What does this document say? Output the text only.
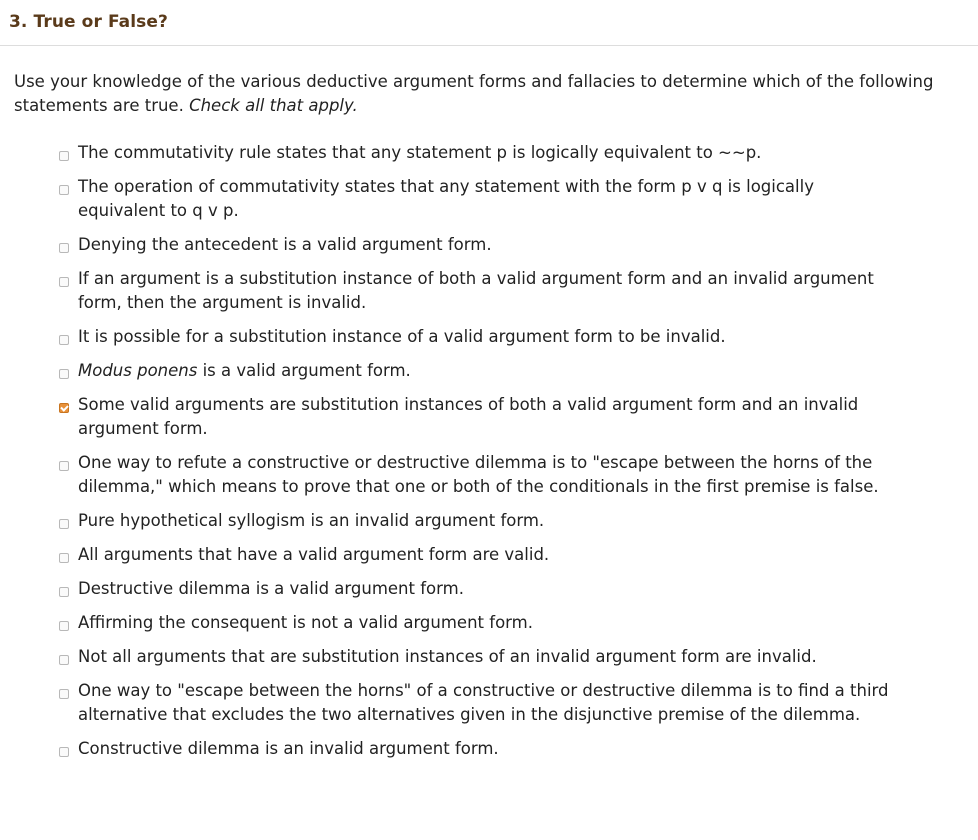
3. True or False?
Use your knowledge of the various deductive argument forms and fallacies to determine which of the following statements are true. Check all that apply.
The commutativity rule states that any statement p is logically equivalent to ~~p.
The operation of commutativity states that any statement with the form p v q is logically equivalent to q v p.
Denying the antecedent is a valid argument form.
If an argument is a substitution instance of both a valid argument form and an invalid argument form, then the argument is invalid.
It is possible for a substitution instance of a valid argument form to be invalid.
Modus ponens is a valid argument form.
Some valid arguments are substitution instances of both a valid argument form and an invalid argument form.
One way to refute a constructive or destructive dilemma is to "escape between the horns of the dilemma," which means to prove that one or both of the conditionals in the first premise is false.
Pure hypothetical syllogism is an invalid argument form.
All arguments that have a valid argument form are valid.
Destructive dilemma is a valid argument form.
Affirming the consequent is not a valid argument form.
Not all arguments that are substitution instances of an invalid argument form are invalid.
One way to "escape between the horns" of a constructive or destructive dilemma is to find a third alternative that excludes the two alternatives given in the disjunctive premise of the dilemma.
Constructive dilemma is an invalid argument form.
